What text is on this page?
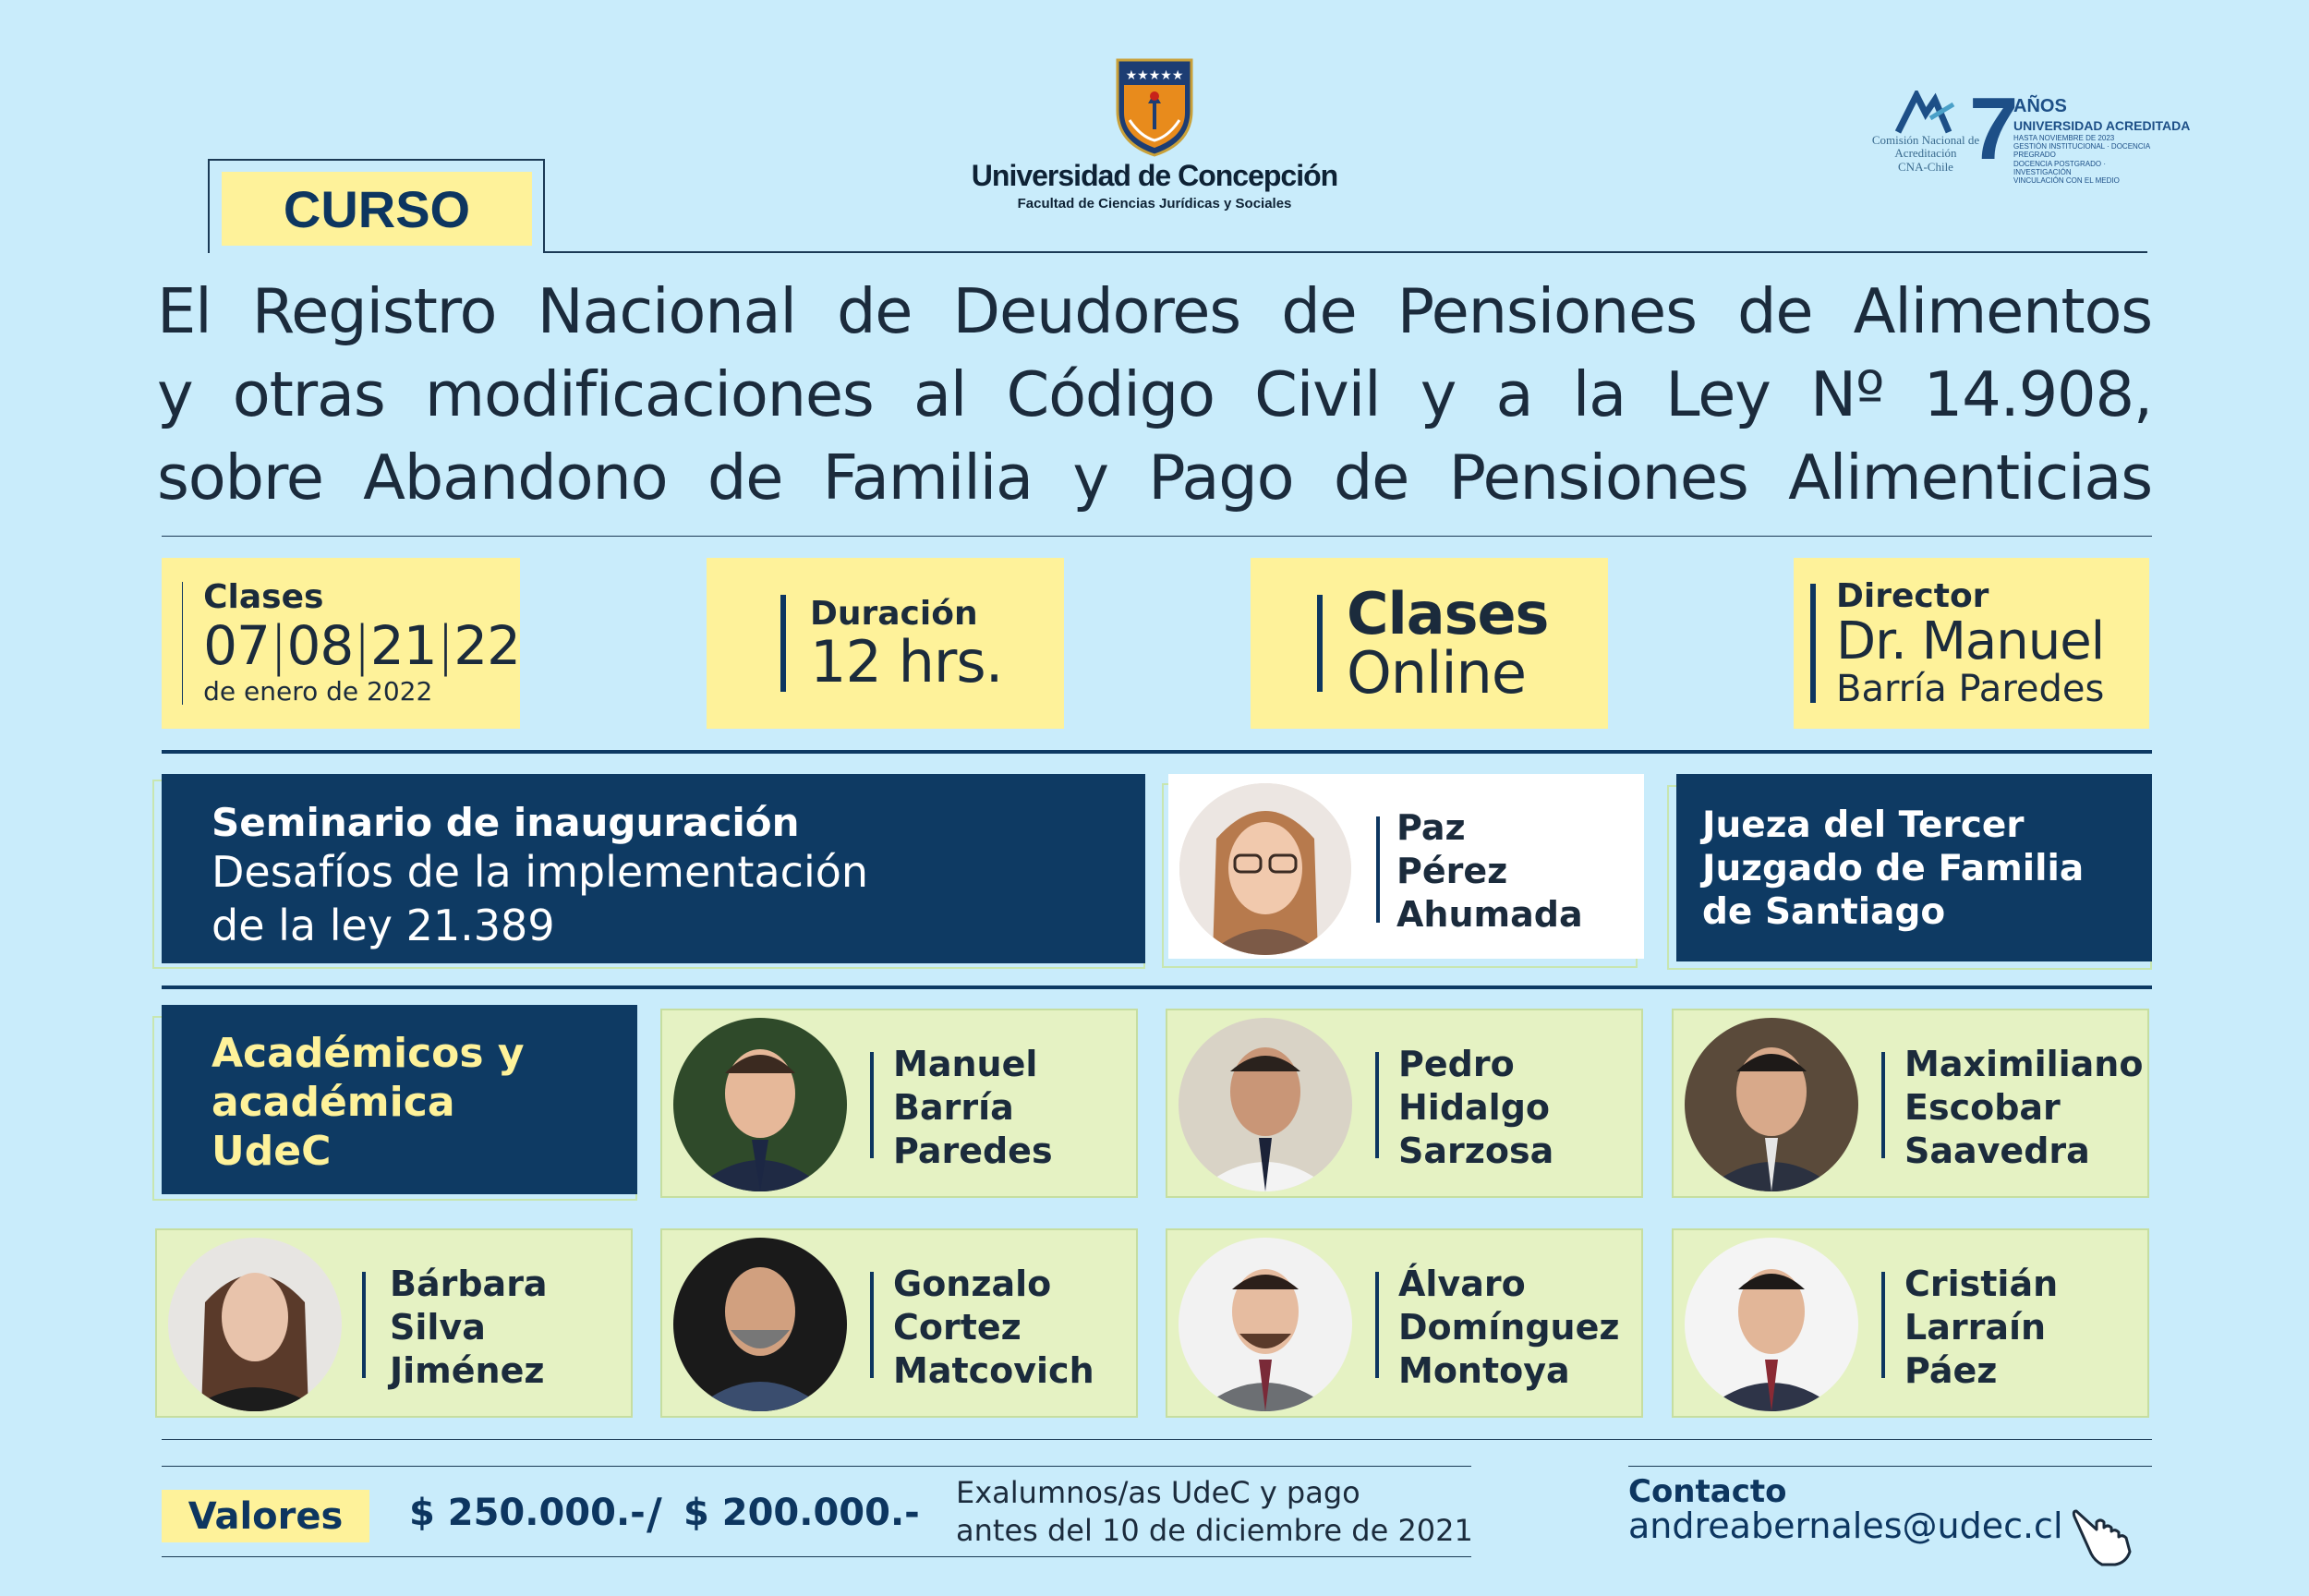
★★★★★
Universidad de Concepción
Facultad de Ciencias Jurídicas y Sociales
Comisión Nacional de Acreditación
CNA-Chile 7
AÑOS
UNIVERSIDAD ACREDITADA
HASTA NOVIEMBRE DE 2023
GESTIÓN INSTITUCIONAL · DOCENCIA PREGRADO
DOCENCIA POSTGRADO · INVESTIGACIÓN
VINCULACIÓN CON EL MEDIO
CURSO
El Registro Nacional de Deudores de Pensiones de Alimentos
y otras modificaciones al Código Civil y a la Ley Nº 14.908,
sobre Abandono de Familia y Pago de Pensiones Alimenticias
Clases
07|08|21|22
de enero de 2022
Duración
12 hrs.
Clases
Online
Director
Dr. Manuel
Barría Paredes
Seminario de inauguración
Desafíos de la implementación
de la ley 21.389
Paz
Pérez
Ahumada
Jueza del Tercer
Juzgado de Familia
de Santiago
Académicos y
académica
UdeC
Manuel
Barría
Paredes
Pedro
Hidalgo
Sarzosa
Maximiliano
Escobar
Saavedra
Bárbara
Silva
Jiménez
Gonzalo
Cortez
Matcovich
Álvaro
Domínguez
Montoya
Cristián
Larraín
Páez
Valores	$ 250.000.- / $ 200.000.- Exalumnos/as UdeC y pago
antes del 10 de diciembre de 2021
Contacto
andreabernales@udec.cl
